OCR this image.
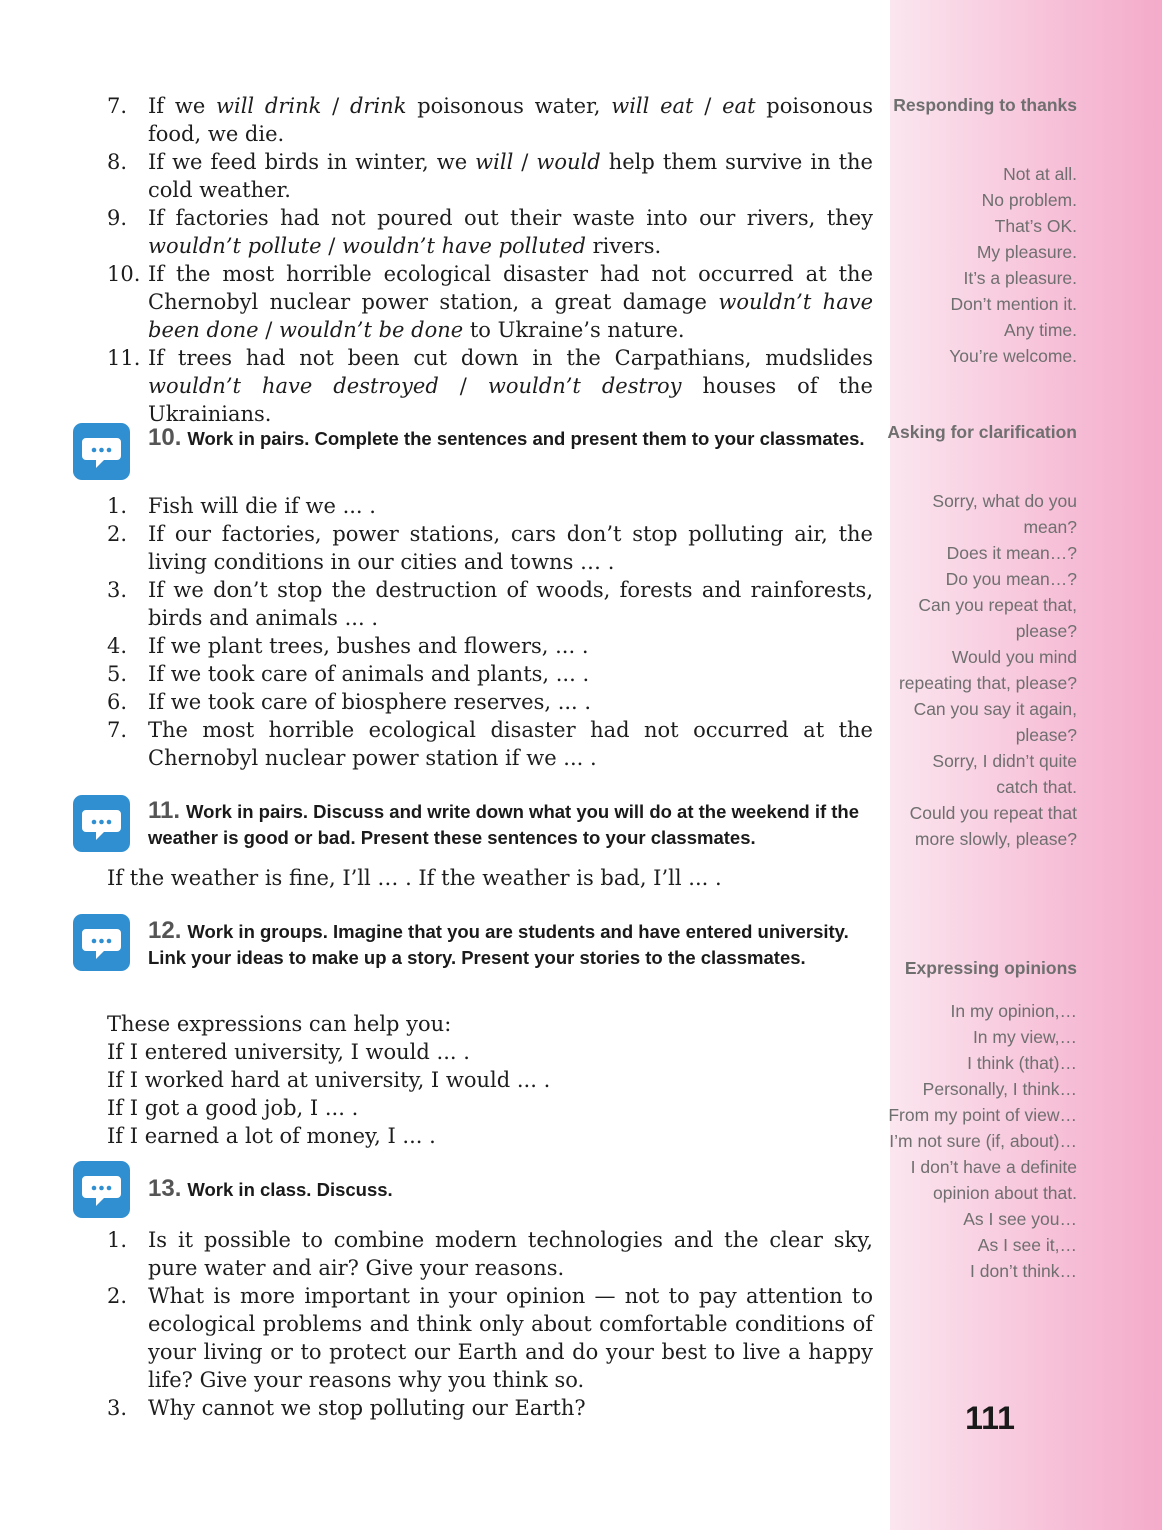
7. If we will drink / drink poisonous water, will eat / eat poisonous food, we die.
8. If we feed birds in winter, we will / would help them survive in the cold weather.
9. If factories had not poured out their waste into our rivers, they wouldn’t pollute / wouldn’t have polluted rivers.
10. If the most horrible ecological disaster had not occurred at the Chernobyl nuclear power station, a great damage wouldn’t have been done / wouldn’t be done to Ukraine’s nature.
11. If trees had not been cut down in the Carpathians, mudslides wouldn’t have destroyed / wouldn’t destroy houses of the Ukrainians.
10. Work in pairs. Complete the sentences and present them to your classmates.
1. Fish will die if we ... .
2. If our factories, power stations, cars don’t stop polluting air, the living conditions in our cities and towns … .
3. If we don’t stop the destruction of woods, forests and rainforests, birds and animals ... .
4. If we plant trees, bushes and flowers, ... .
5. If we took care of animals and plants, ... .
6. If we took care of biosphere reserves, ... .
7. The most horrible ecological disaster had not occurred at the Chernobyl nuclear power station if we ... .
11. Work in pairs. Discuss and write down what you will do at the weekend if the weather is good or bad. Present these sentences to your classmates.
If the weather is fine, I’ll … . If the weather is bad, I’ll ... .
12. Work in groups. Imagine that you are students and have entered university. Link your ideas to make up a story. Present your stories to the classmates.
These expressions can help you:
If I entered university, I would ... .
If I worked hard at university, I would ... .
If I got a good job, I ... .
If I earned a lot of money, I ... .
13. Work in class. Discuss.
1. Is it possible to combine modern technologies and the clear sky, pure water and air? Give your reasons.
2. What is more important in your opinion — not to pay attention to ecological problems and think only about comfortable conditions of your living or to protect our Earth and do your best to live a happy life? Give your reasons why you think so.
3. Why cannot we stop polluting our Earth?
Responding to thanks
Not at all.
No problem.
That’s OK.
My pleasure.
It’s a pleasure.
Don’t mention it.
Any time.
You’re welcome.
Asking for clarification
Sorry, what do you mean?
Does it mean…?
Do you mean…?
Can you repeat that, please?
Would you mind repeating that, please?
Can you say it again, please?
Sorry, I didn’t quite catch that.
Could you repeat that more slowly, please?
Expressing opinions
In my opinion,…
In my view,…
I think (that)…
Personally, I think…
From my point of view…
I’m not sure (if, about)…
I don’t have a definite opinion about that.
As I see you…
As I see it,…
I don’t think…
111
